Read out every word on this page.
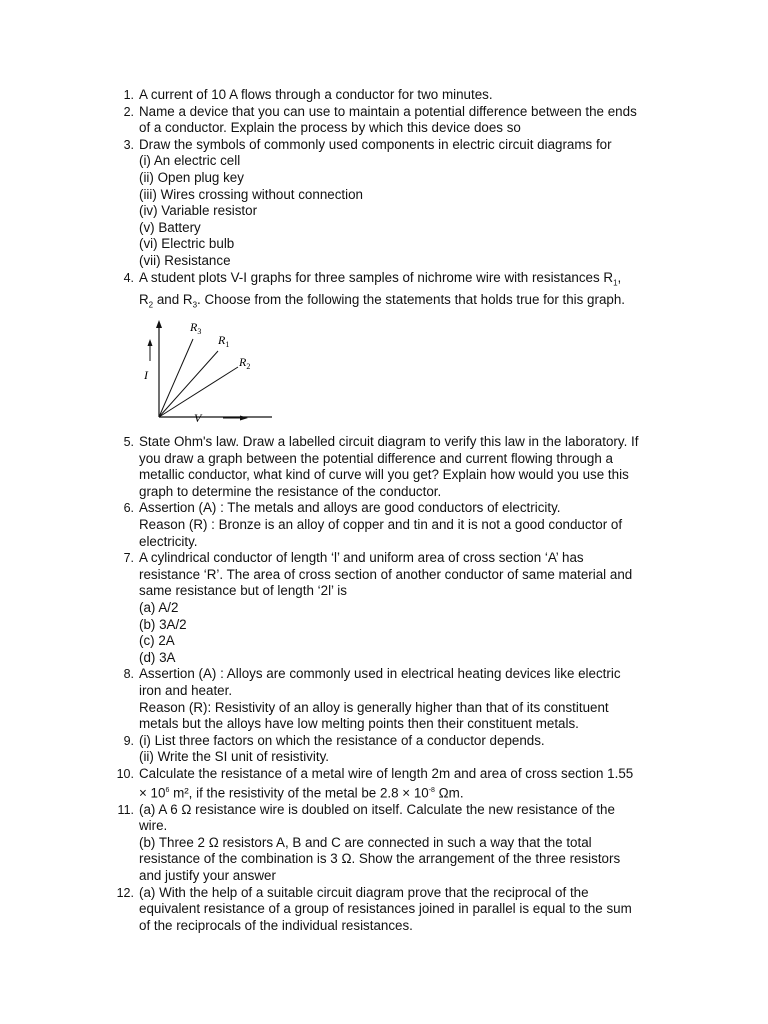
1. A current of 10 A flows through a conductor for two minutes.
2. Name a device that you can use to maintain a potential difference between the ends
of a conductor. Explain the process by which this device does so
3. Draw the symbols of commonly used components in electric circuit diagrams for
(i) An electric cell
(ii) Open plug key
(iii) Wires crossing without connection
(iv) Variable resistor
(v) Battery
(vi) Electric bulb
(vii) Resistance
4. A student plots V-I graphs for three samples of nichrome wire with resistances $R_1$,
$R_2$ and $R_3$. Choose from the following the statements that holds true for this graph.
I
V
$R_3$
$R_1$
$R_2$
5. State Ohm's law. Draw a labelled circuit diagram to verify this law in the laboratory. If
you draw a graph between the potential difference and current flowing through a
metallic conductor, what kind of curve will you get? Explain how would you use this
graph to determine the resistance of the conductor.
6. Assertion (A) : The metals and alloys are good conductors of electricity.
Reason (R) : Bronze is an alloy of copper and tin and it is not a good conductor of
electricity.
7. A cylindrical conductor of length ‘l’ and uniform area of cross section ‘A’ has
resistance ‘R’. The area of cross section of another conductor of same material and
same resistance but of length ‘2l’ is
(a) A/2
(b) 3A/2
(c) 2A
(d) 3A
8. Assertion (A) : Alloys are commonly used in electrical heating devices like electric
iron and heater.
Reason (R): Resistivity of an alloy is generally higher than that of its constituent
metals but the alloys have low melting points then their constituent metals.
9. (i) List three factors on which the resistance of a conductor depends.
(ii) Write the SI unit of resistivity.
10. Calculate the resistance of a metal wire of length 2m and area of cross section 1.55
× $10^6$ m², if the resistivity of the metal be $2.8 \times 10^{-8}$ Ωm.
11. (a) A 6 Ω resistance wire is doubled on itself. Calculate the new resistance of the
wire.
(b) Three 2 Ω resistors A, B and C are connected in such a way that the total
resistance of the combination is 3 Ω. Show the arrangement of the three resistors
and justify your answer
12. (a) With the help of a suitable circuit diagram prove that the reciprocal of the
equivalent resistance of a group of resistances joined in parallel is equal to the sum
of the reciprocals of the individual resistances.
